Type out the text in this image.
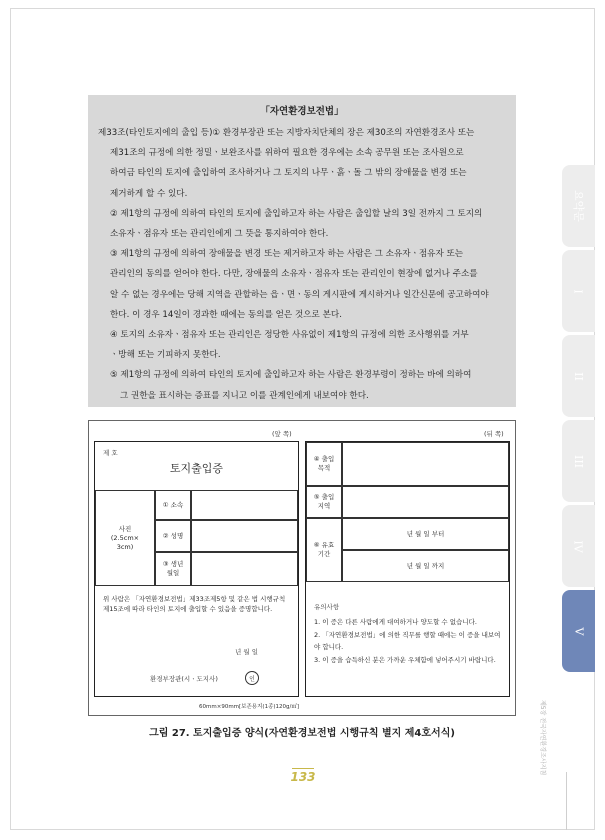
「자연환경보전법」

제33조(타인토지에의 출입 등)① 환경부장관 또는 지방자치단체의 장은 제30조의 자연환경조사 또는

제31조의 규정에 의한 정밀ㆍ보완조사를 위하여 필요한 경우에는 소속 공무원 또는 조사원으로

하여금 타인의 토지에 출입하여 조사하거나 그 토지의 나무ㆍ흙ㆍ돌 그 밖의 장애물을 변경 또는

제거하게 할 수 있다.

② 제1항의 규정에 의하여 타인의 토지에 출입하고자 하는 사람은 출입할 날의 3일 전까지 그 토지의

소유자ㆍ점유자 또는 관리인에게 그 뜻을 통지하여야 한다.

③ 제1항의 규정에 의하여 장애물을 변경 또는 제거하고자 하는 사람은 그 소유자ㆍ점유자 또는

관리인의 동의를 얻어야 한다. 다만, 장애물의 소유자ㆍ점유자 또는 관리인이 현장에 없거나 주소를

알 수 없는 경우에는 당해 지역을 관할하는 읍ㆍ면ㆍ동의 게시판에 게시하거나 일간신문에 공고하여야

한다. 이 경우 14일이 경과한 때에는 동의를 얻은 것으로 본다.

④ 토지의 소유자ㆍ점유자 또는 관리인은 정당한 사유없이 제1항의 규정에 의한 조사행위를 거부

ㆍ방해 또는 기피하지 못한다.

⑤ 제1항의 규정에 의하여 타인의 토지에 출입하고자 하는 사람은 환경부령이 정하는 바에 의하여

그 권한을 표시하는 증표를 지니고 이를 관계인에게 내보여야 한다.

요약문
I
II
III
IV
V
제5장 전국자연환경조사지침
(앞 쪽)	(뒤 쪽)
제 호
토지출입증
사진
(2.5cm×
3cm)
① 소속
② 성명
③ 생년
월일
위 사람은 「자연환경보전법」제33조제5항 및 같은 법 시행규칙 제15조에 따라 타인의 토지에 출입할 수 있음을 증명합니다.
년 월 일
환경부장관(시ㆍ도지사)	인
④ 출입
목적
⑤ 출입
지역
⑥ 유효
기간
년 월 일 부터
년 월 일 까지
유의사항
1. 이 증은 다른 사람에게 대여하거나 양도할 수 없습니다.
2. 「자연환경보전법」에 의한 직무를 행할 때에는 이 증을 내보여야 합니다.
3. 이 증을 습득하신 분은 가까운 우체함에 넣어주시기 바랍니다.
60mm×90mm[보존용지(1종)120g/㎡]
그림 27. 토지출입증 양식(자연환경보전법 시행규칙 별지 제4호서식)
133
